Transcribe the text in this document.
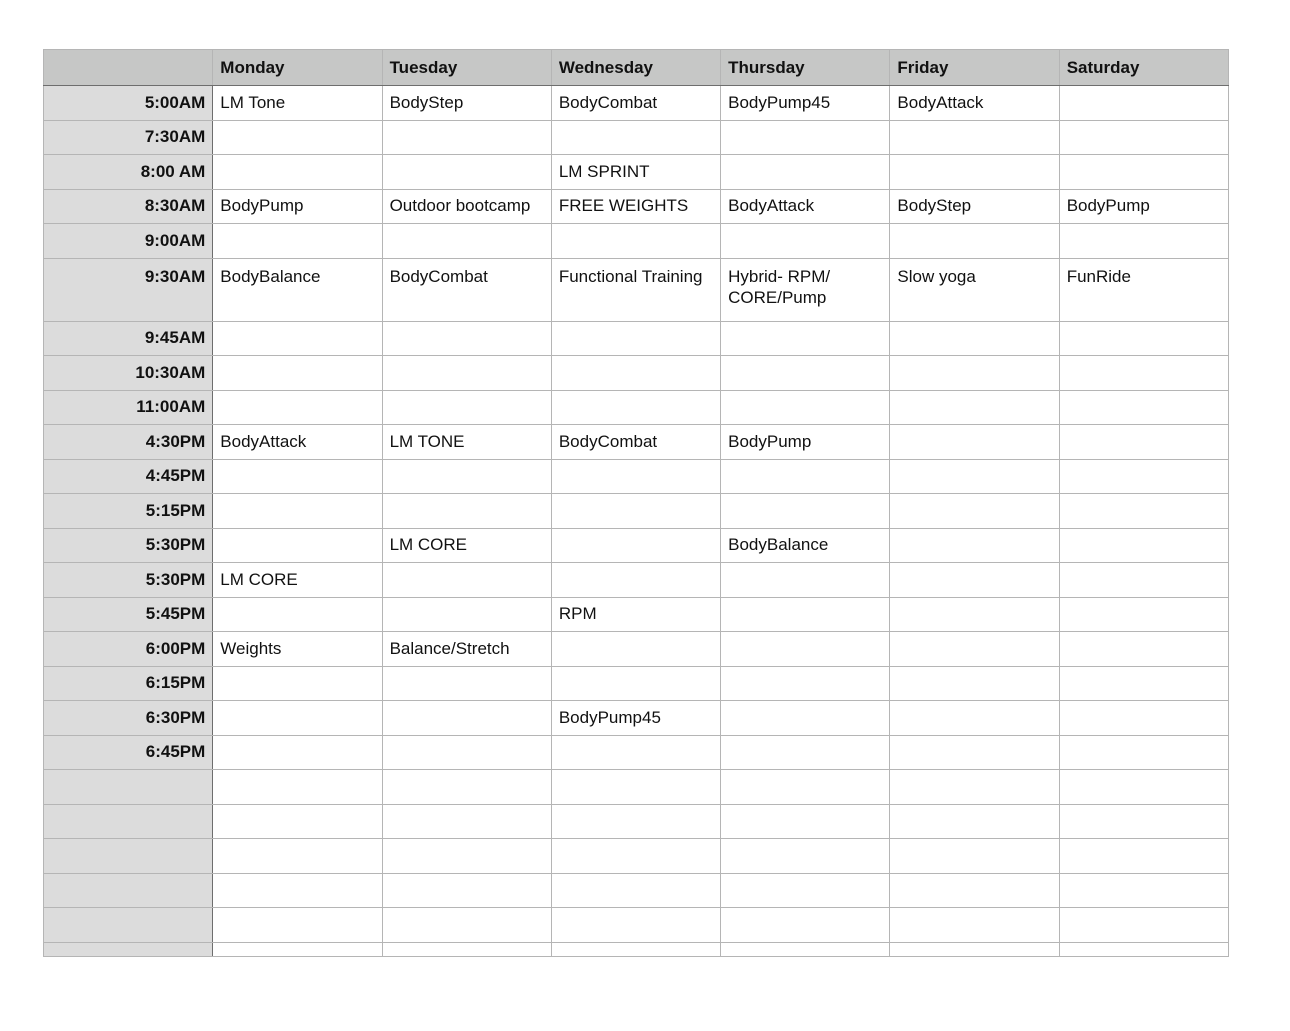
	Monday	Tuesday	Wednesday	Thursday	Friday	Saturday
5:00AM	LM Tone	BodyStep	BodyCombat	BodyPump45	BodyAttack	
7:30AM						
8:00 AM			LM SPRINT			
8:30AM	BodyPump	Outdoor bootcamp	FREE WEIGHTS	BodyAttack	BodyStep	BodyPump
9:00AM						
9:30AM	BodyBalance	BodyCombat	Functional Training	Hybrid- RPM/ CORE/Pump	Slow yoga	FunRide
9:45AM						
10:30AM						
11:00AM						
4:30PM	BodyAttack	LM TONE	BodyCombat	BodyPump		
4:45PM						
5:15PM						
5:30PM		LM CORE		BodyBalance		
5:30PM	LM CORE					
5:45PM			RPM			
6:00PM	Weights	Balance/Stretch				
6:15PM						
6:30PM			BodyPump45			
6:45PM						
